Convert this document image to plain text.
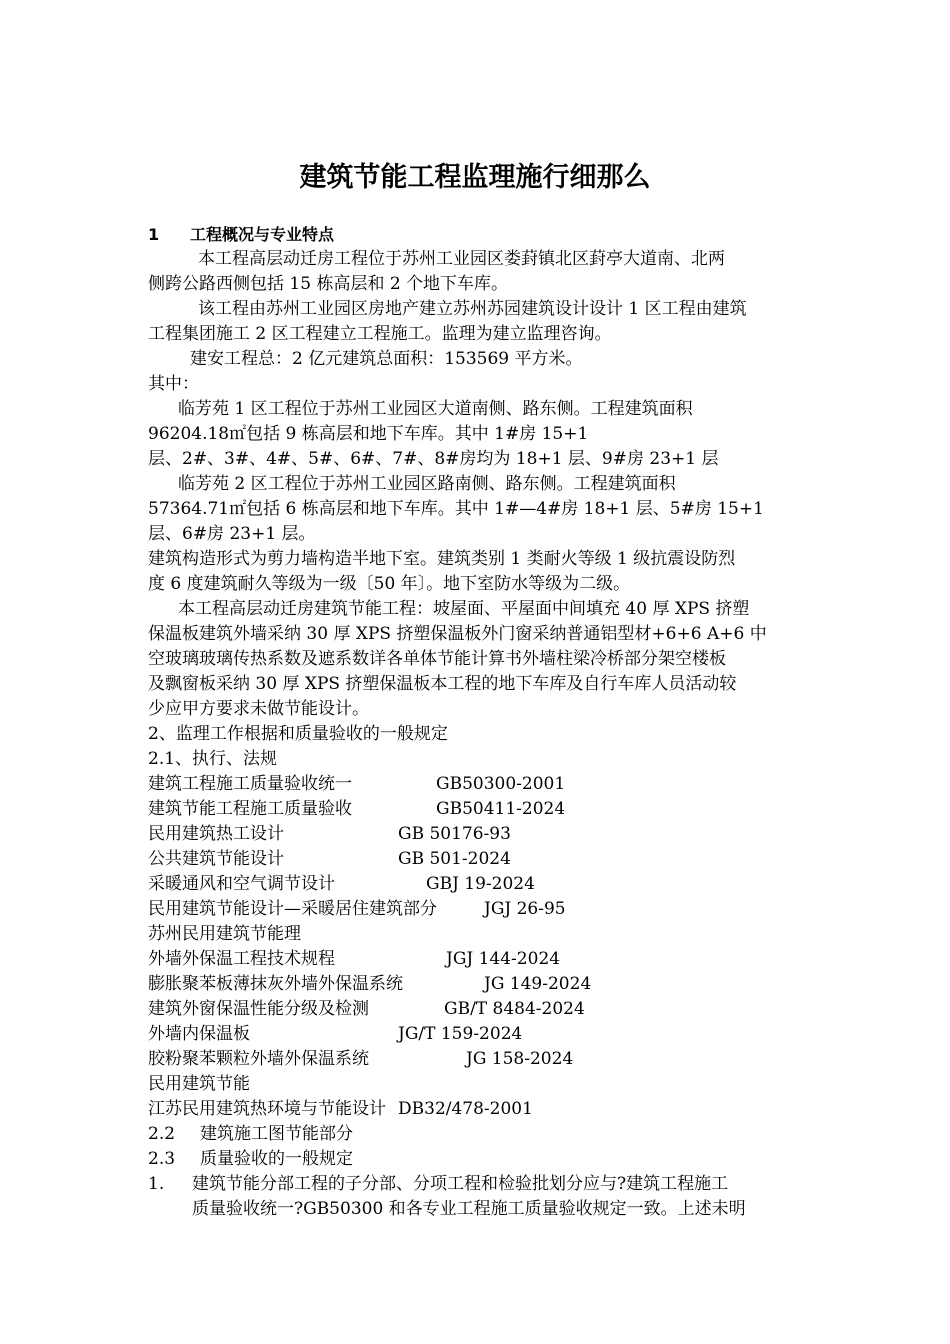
建筑节能工程监理施行细那么
1 工程概况与专业特点
本工程高层动迁房工程位于苏州工业园区娄葑镇北区葑亭大道南、北两
侧跨公路西侧包括 15 栋高层和 2 个地下车库。
该工程由苏州工业园区房地产建立苏州苏园建筑设计设计 1 区工程由建筑
工程集团施工 2 区工程建立工程施工。监理为建立监理咨询。
建安工程总：2 亿元建筑总面积：153569 平方米。
其中：
临芳苑 1 区工程位于苏州工业园区大道南侧、路东侧。工程建筑面积
96204.18㎡包括 9 栋高层和地下车库。其中 1#房 15+1
层、2#、3#、4#、5#、6#、7#、8#房均为 18+1 层、9#房 23+1 层
临芳苑 2 区工程位于苏州工业园区路南侧、路东侧。工程建筑面积
57364.71㎡包括 6 栋高层和地下车库。其中 1#—4#房 18+1 层、5#房 15+1
层、6#房 23+1 层。
建筑构造形式为剪力墙构造半地下室。建筑类别 1 类耐火等级 1 级抗震设防烈
度 6 度建筑耐久等级为一级〔50 年〕。地下室防水等级为二级。
本工程高层动迁房建筑节能工程：坡屋面、平屋面中间填充 40 厚 XPS 挤塑
保温板建筑外墙采纳 30 厚 XPS 挤塑保温板外门窗采纳普通铝型材+6+6 A+6 中
空玻璃玻璃传热系数及遮系数详各单体节能计算书外墙柱梁冷桥部分架空楼板
及飘窗板采纳 30 厚 XPS 挤塑保温板本工程的地下车库及自行车库人员活动较
少应甲方要求未做节能设计。
2、监理工作根据和质量验收的一般规定
2.1、执行、法规
建筑工程施工质量验收统一	GB50300-2001
建筑节能工程施工质量验收	GB50411-2024
民用建筑热工设计	GB 50176-93
公共建筑节能设计	GB 501-2024
采暖通风和空气调节设计	GBJ 19-2024
民用建筑节能设计—采暖居住建筑部分	JGJ 26-95
苏州民用建筑节能理
外墙外保温工程技术规程	JGJ 144-2024
膨胀聚苯板薄抹灰外墙外保温系统	JG 149-2024
建筑外窗保温性能分级及检测	GB/T 8484-2024
外墙内保温板	JG/T 159-2024
胶粉聚苯颗粒外墙外保温系统	JG 158-2024
民用建筑节能
江苏民用建筑热环境与节能设计 DB32/478-2001
2.2 建筑施工图节能部分
2.3 质量验收的一般规定
1. 建筑节能分部工程的子分部、分项工程和检验批划分应与?建筑工程施工
质量验收统一?GB50300 和各专业工程施工质量验收规定一致。上述未明
